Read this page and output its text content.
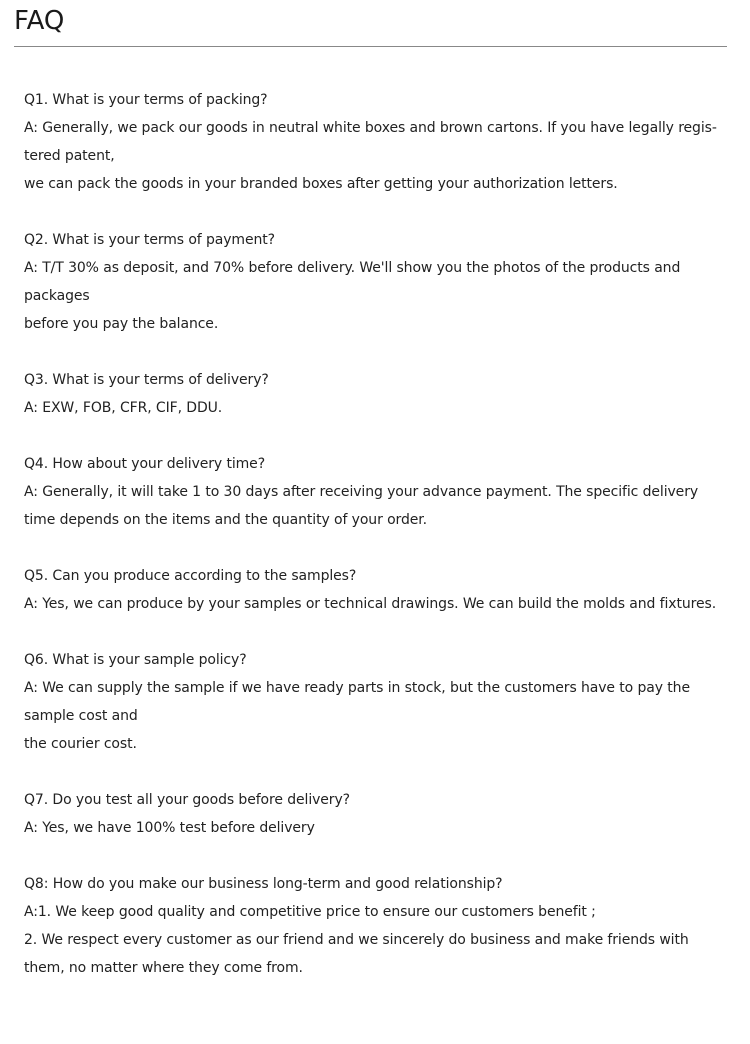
FAQ
Q1. What is your terms of packing?
A: Generally, we pack our goods in neutral white boxes and brown cartons. If you have legally regis-
tered patent,
we can pack the goods in your branded boxes after getting your authorization letters.
Q2. What is your terms of payment?
A: T/T 30% as deposit, and 70% before delivery. We'll show you the photos of the products and
packages
before you pay the balance.
Q3. What is your terms of delivery?
A: EXW, FOB, CFR, CIF, DDU.
Q4. How about your delivery time?
A: Generally, it will take 1 to 30 days after receiving your advance payment. The specific delivery
time depends on the items and the quantity of your order.
Q5. Can you produce according to the samples?
A: Yes, we can produce by your samples or technical drawings. We can build the molds and fixtures.
Q6. What is your sample policy?
A: We can supply the sample if we have ready parts in stock, but the customers have to pay the
sample cost and
the courier cost.
Q7. Do you test all your goods before delivery?
A: Yes, we have 100% test before delivery
Q8: How do you make our business long-term and good relationship?
A:1. We keep good quality and competitive price to ensure our customers benefit ;
2. We respect every customer as our friend and we sincerely do business and make friends with
them, no matter where they come from.
